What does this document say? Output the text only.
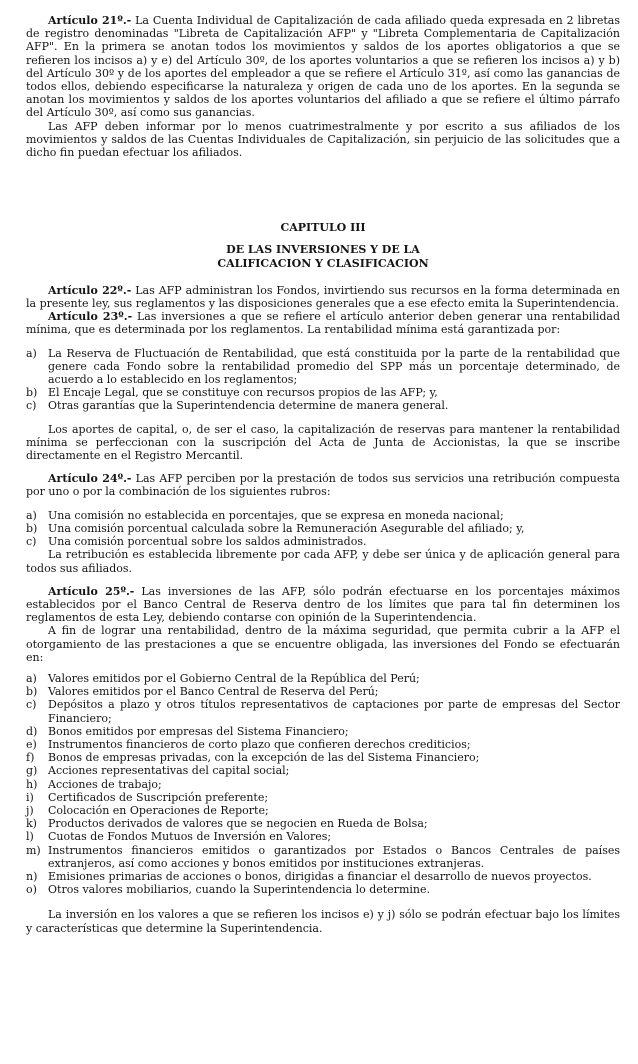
Artículo 21º.- La Cuenta Individual de Capitalización de cada afiliado queda expresada en 2 libretas de registro denominadas "Libreta de Capitalización AFP" y "Libreta Complementaria de Capitalización AFP". En la primera se anotan todos los movimientos y saldos de los aportes obligatorios a que se refieren los incisos a) y e) del Artículo 30º, de los aportes voluntarios a que se refieren los incisos a) y b) del Artículo 30º y de los aportes del empleador a que se refiere el Artículo 31º, así como las ganancias de todos ellos, debiendo especificarse la naturaleza y origen de cada uno de los aportes. En la segunda se anotan los movimientos y saldos de los aportes voluntarios del afiliado a que se refiere el último párrafo del Artículo 30º, así como sus ganancias.

Las AFP deben informar por lo menos cuatrimestralmente y por escrito a sus afiliados de los movimientos y saldos de las Cuentas Individuales de Capitalización, sin perjuicio de las solicitudes que a dicho fin puedan efectuar los afiliados.

CAPITULO III

DE LAS INVERSIONES Y DE LA

CALIFICACION Y CLASIFICACION

Artículo 22º.- Las AFP administran los Fondos, invirtiendo sus recursos en la forma determinada en la presente ley, sus reglamentos y las disposiciones generales que a ese efecto emita la Superintendencia.

Artículo 23º.- Las inversiones a que se refiere el artículo anterior deben generar una rentabilidad mínima, que es determinada por los reglamentos. La rentabilidad mínima está garantizada por:

a) La Reserva de Fluctuación de Rentabilidad, que está constituida por la parte de la rentabilidad que genere cada Fondo sobre la rentabilidad promedio del SPP más un porcentaje determinado, de acuerdo a lo establecido en los reglamentos;
b) El Encaje Legal, que se constituye con recursos propios de las AFP; y,
c) Otras garantías que la Superintendencia determine de manera general.

Los aportes de capital, o, de ser el caso, la capitalización de reservas para mantener la rentabilidad mínima se perfeccionan con la suscripción del Acta de Junta de Accionistas, la que se inscribe directamente en el Registro Mercantil.

Artículo 24º.- Las AFP perciben por la prestación de todos sus servicios una retribución compuesta por uno o por la combinación de los siguientes rubros:

a) Una comisión no establecida en porcentajes, que se expresa en moneda nacional;
b) Una comisión porcentual calculada sobre la Remuneración Asegurable del afiliado; y,
c) Una comisión porcentual sobre los saldos administrados.

La retribución es establecida libremente por cada AFP, y debe ser única y de aplicación general para todos sus afiliados.

Artículo 25º.- Las inversiones de las AFP, sólo podrán efectuarse en los porcentajes máximos establecidos por el Banco Central de Reserva dentro de los límites que para tal fin determinen los reglamentos de esta Ley, debiendo contarse con opinión de la Superintendencia.

A fin de lograr una rentabilidad, dentro de la máxima seguridad, que permita cubrir a la AFP el otorgamiento de las prestaciones a que se encuentre obligada, las inversiones del Fondo se efectuarán en:

a) Valores emitidos por el Gobierno Central de la República del Perú;
b) Valores emitidos por el Banco Central de Reserva del Perú;
c) Depósitos a plazo y otros títulos representativos de captaciones por parte de empresas del Sector Financiero;
d) Bonos emitidos por empresas del Sistema Financiero;
e) Instrumentos financieros de corto plazo que confieren derechos crediticios;
f) Bonos de empresas privadas, con la excepción de las del Sistema Financiero;
g) Acciones representativas del capital social;
h) Acciones de trabajo;
i) Certificados de Suscripción preferente;
j) Colocación en Operaciones de Reporte;
k) Productos derivados de valores que se negocien en Rueda de Bolsa;
l) Cuotas de Fondos Mutuos de Inversión en Valores;
m) Instrumentos financieros emitidos o garantizados por Estados o Bancos Centrales de países extranjeros, así como acciones y bonos emitidos por instituciones extranjeras.
n) Emisiones primarias de acciones o bonos, dirigidas a financiar el desarrollo de nuevos proyectos.
o) Otros valores mobiliarios, cuando la Superintendencia lo determine.

La inversión en los valores a que se refieren los incisos e) y j) sólo se podrán efectuar bajo los límites y características que determine la Superintendencia.
